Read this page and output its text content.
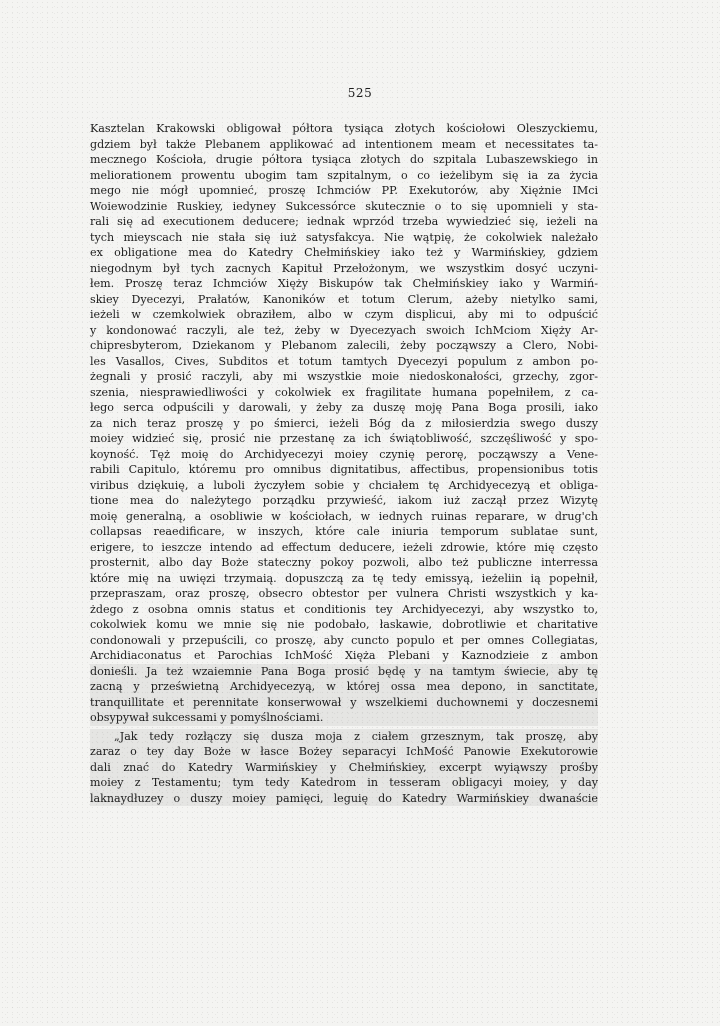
525
Kasztelan Krakowski obligował półtora tysiąca złotych kościołowi Oleszyckiemu,
gdziem był także Plebanem applikować ad intentionem meam et necessitates ta-
mecznego Kościoła, drugie półtora tysiąca złotych do szpitala Lubaszewskiego in
meliorationem prowentu ubogim tam szpitalnym, o co ieżelibym się ia za życia
mego nie mógł upomnieć, proszę Ichmciów PP. Exekutorów, aby Xiężnie IMci
Woiewodzinie Ruskiey, iedyney Sukcessórce skutecznie o to się upomnieli y sta-
rali się ad executionem deducere; iednak wprzód trzeba wywiedzieć się, ieżeli na
tych mieyscach nie stała się iuż satysfakcya. Nie wątpię, że cokolwiek należało
ex obligatione mea do Katedry Chełmińskiey iako też y Warmińskiey, gdziem
niegodnym był tych zacnych Kapituł Przełożonym, we wszystkim dosyć uczyni-
łem. Proszę teraz Ichmciów Xięży Biskupów tak Chełmińskiey iako y Warmiń-
skiey Dyecezyi, Prałatów, Kanoników et totum Clerum, ażeby nietylko sami,
ieżeli w czemkolwiek obraziłem, albo w czym displicui, aby mi to odpuścić
y kondonować raczyli, ale też, żeby w Dyecezyach swoich IchMciom Xięży Ar-
chipresbyterom, Dziekanom y Plebanom zalecili, żeby począwszy a Clero, Nobi-
les Vasallos, Cives, Subditos et totum tamtych Dyecezyi populum z ambon po-
żegnali y prosić raczyli, aby mi wszystkie moie niedoskonałości, grzechy, zgor-
szenia, niesprawiedliwości y cokolwiek ex fragilitate humana popełniłem, z ca-
łego serca odpuścili y darowali, y żeby za duszę moję Pana Boga prosili, iako
za nich teraz proszę y po śmierci, ieżeli Bóg da z miłosierdzia swego duszy
moiey widzieć się, prosić nie przestanę za ich świątobliwość, szczęśliwość y spo-
koyność. Tęż moię do Archidyecezyi moiey czynię perorę, począwszy a Vene-
rabili Capitulo, któremu pro omnibus dignitatibus, affectibus, propensionibus totis
viribus dziękuię, a luboli życzyłem sobie y chciałem tę Archidyecezyą et obliga-
tione mea do należytego porządku przywieść, iakom iuż zaczął przez Wizytę
moię generalną, a osobliwie w kościołach, w iednych ruinas reparare, w drug'ch
collapsas reaedificare, w inszych, które cale iniuria temporum sublatae sunt,
erigere, to ieszcze intendo ad effectum deducere, ieżeli zdrowie, które mię często
prosternit, albo day Boże stateczny pokoy pozwoli, albo też publiczne interressa
które mię na uwięzi trzymaią. dopuszczą za tę tedy emissyą, ieżeliin ią popełnił,
przepraszam, oraz proszę, obsecro obtestor per vulnera Christi wszystkich y ka-
żdego z osobna omnis status et conditionis tey Archidyecezyi, aby wszystko to,
cokolwiek komu we mnie się nie podobało, łaskawie, dobrotliwie et charitative
condonowali y przepuścili, co proszę, aby cuncto populo et per omnes Collegiatas,
Archidiaconatus et Parochias IchMość Xięża Plebani y Kaznodzieie z ambon
donieśli. Ja też wzaiemnie Pana Boga prosić będę y na tamtym świecie, aby tę
zacną y prześwietną Archidyecezyą, w której ossa mea depono, in sanctitate,
tranquillitate et perennitate konserwował y wszelkiemi duchownemi y doczesnemi
obsypywał sukcessami y pomyślnościami.
„Jak tedy rozłączy się dusza moja z ciałem grzesznym, tak proszę, aby
zaraz o tey day Boże w łasce Bożey separacyi IchMość Panowie Exekutorowie
dali znać do Katedry Warmińskiey y Chełmińskiey, excerpt wyiąwszy prośby
moiey z Testamentu; tym tedy Katedrom in tesseram obligacyi moiey, y day
laknaydłuzey o duszy moiey pamięci, leguię do Katedry Warmińskiey dwanaście
